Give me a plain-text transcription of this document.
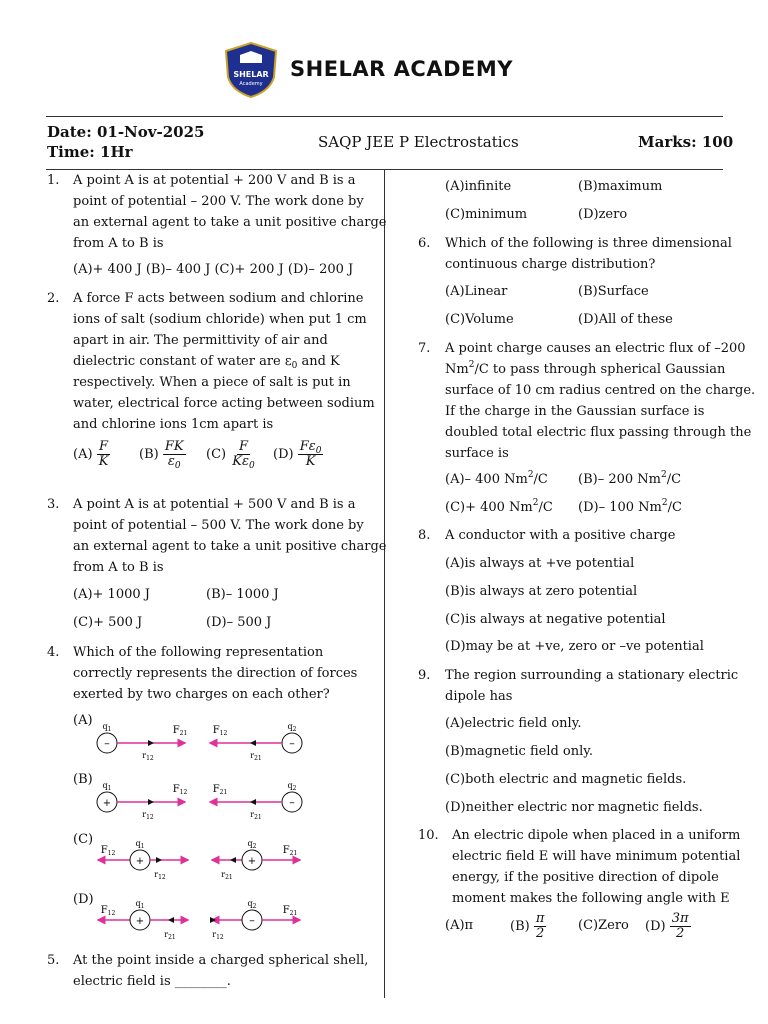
SHELAR
Academy
SHELAR ACADEMY
Date: 01-Nov-2025
Time: 1Hr
SAQP JEE P Electrostatics	Marks: 100
1. A point A is at potential + 200 V and B is a
point of potential – 200 V. The work done by
an external agent to take a unit positive charge
from A to B is
(A)+ 400 J (B)– 400 J (C)+ 200 J (D)– 200 J
2. A force F acts between sodium and chlorine
ions of salt (sodium chloride) when put 1 cm
apart in air. The permittivity of air and
dielectric constant of water are $\varepsilon_0$ and K
respectively. When a piece of salt is put in
water, electrical force acting between sodium
and chlorine ions 1cm apart is
$(A) \frac{F}{K} (B) \frac{FK}{\varepsilon_0} (C) \frac{F}{K\varepsilon_0} (D) \frac{F\varepsilon_0}{K}$
3. A point A is at potential + 500 V and B is a
point of potential – 500 V. The work done by
an external agent to take a unit positive charge
from A to B is
(A)+ 1000 J	(B)– 1000 J
(C)+ 500 J	(D)– 500 J
4. Which of the following representation
correctly represents the direction of forces
exerted by two charges on each other?
(A)
(B)
(C)
(D)
–
$q_1$
$r_{12}$
$F_{21}$
–
$q_2$
$r_{21}$
$F_{12}$
+
$q_1$
$r_{12}$
$F_{12}$
–
$q_2$
$r_{21}$
$F_{21}$
$F_{12}$
+
$q_1$
$r_{12}$	$r_{21}$
+
$q_2$	$F_{21}$
$F_{12}$
+
$q_1$
$r_{21}$	$r_{12}$
–
$q_2$	$F_{21}$
5. At the point inside a charged spherical shell,
electric field is ________.
(A)infinite	(B)maximum
(C)minimum	(D)zero
6. Which of the following is three dimensional
continuous charge distribution?
(A)Linear	(B)Surface
(C)Volume	(D)All of these
7. A point charge causes an electric flux of –200
Nm$^2$/C to pass through spherical Gaussian
surface of 10 cm radius centred on the charge.
If the charge in the Gaussian surface is
doubled total electric flux passing through the
surface is
(A)– 400 Nm$^2$/C (B)– 200 Nm$^2$/C
(C)+ 400 Nm$^2$/C (D)– 100 Nm$^2$/C
8. A conductor with a positive charge
(A)is always at +ve potential
(B)is always at zero potential
(C)is always at negative potential
(D)may be at +ve, zero or –ve potential
9. The region surrounding a stationary electric
dipole has
(A)electric field only.
(B)magnetic field only.
(C)both electric and magnetic fields.
(D)neither electric nor magnetic fields.
10. An electric dipole when placed in a uniform
electric field E will have minimum potential
energy, if the positive direction of dipole
moment makes the following angle with E
(A)π	$(B) \frac{\pi}{2}$ (C)Zero $(D) \frac{3\pi}{2}$
